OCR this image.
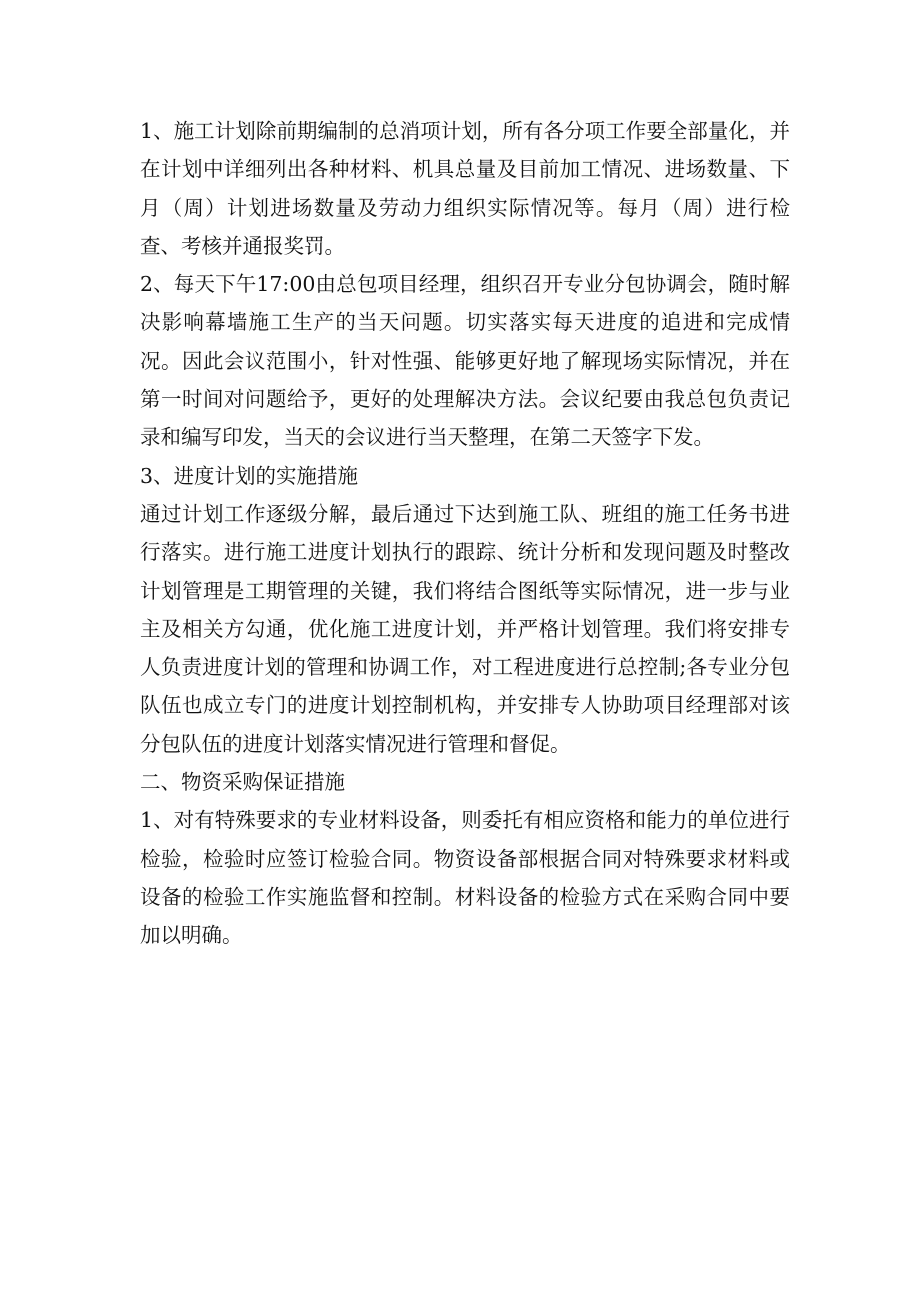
1、施工计划除前期编制的总消项计划，所有各分项工作要全部量化，并在计划中详细列出各种材料、机具总量及目前加工情况、进场数量、下月（周）计划进场数量及劳动力组织实际情况等。每月（周）进行检查、考核并通报奖罚。

2、每天下午17:00由总包项目经理，组织召开专业分包协调会，随时解决影响幕墙施工生产的当天问题。切实落实每天进度的追进和完成情况。因此会议范围小，针对性强、能够更好地了解现场实际情况，并在第一时间对问题给予，更好的处理解决方法。会议纪要由我总包负责记录和编写印发，当天的会议进行当天整理，在第二天签字下发。

3、进度计划的实施措施

通过计划工作逐级分解，最后通过下达到施工队、班组的施工任务书进行落实。进行施工进度计划执行的跟踪、统计分析和发现问题及时整改计划管理是工期管理的关键，我们将结合图纸等实际情况，进一步与业主及相关方勾通，优化施工进度计划，并严格计划管理。我们将安排专人负责进度计划的管理和协调工作，对工程进度进行总控制;各专业分包队伍也成立专门的进度计划控制机构，并安排专人协助项目经理部对该分包队伍的进度计划落实情况进行管理和督促。

二、物资采购保证措施

1、对有特殊要求的专业材料设备，则委托有相应资格和能力的单位进行检验，检验时应签订检验合同。物资设备部根据合同对特殊要求材料或设备的检验工作实施监督和控制。材料设备的检验方式在采购合同中要加以明确。
